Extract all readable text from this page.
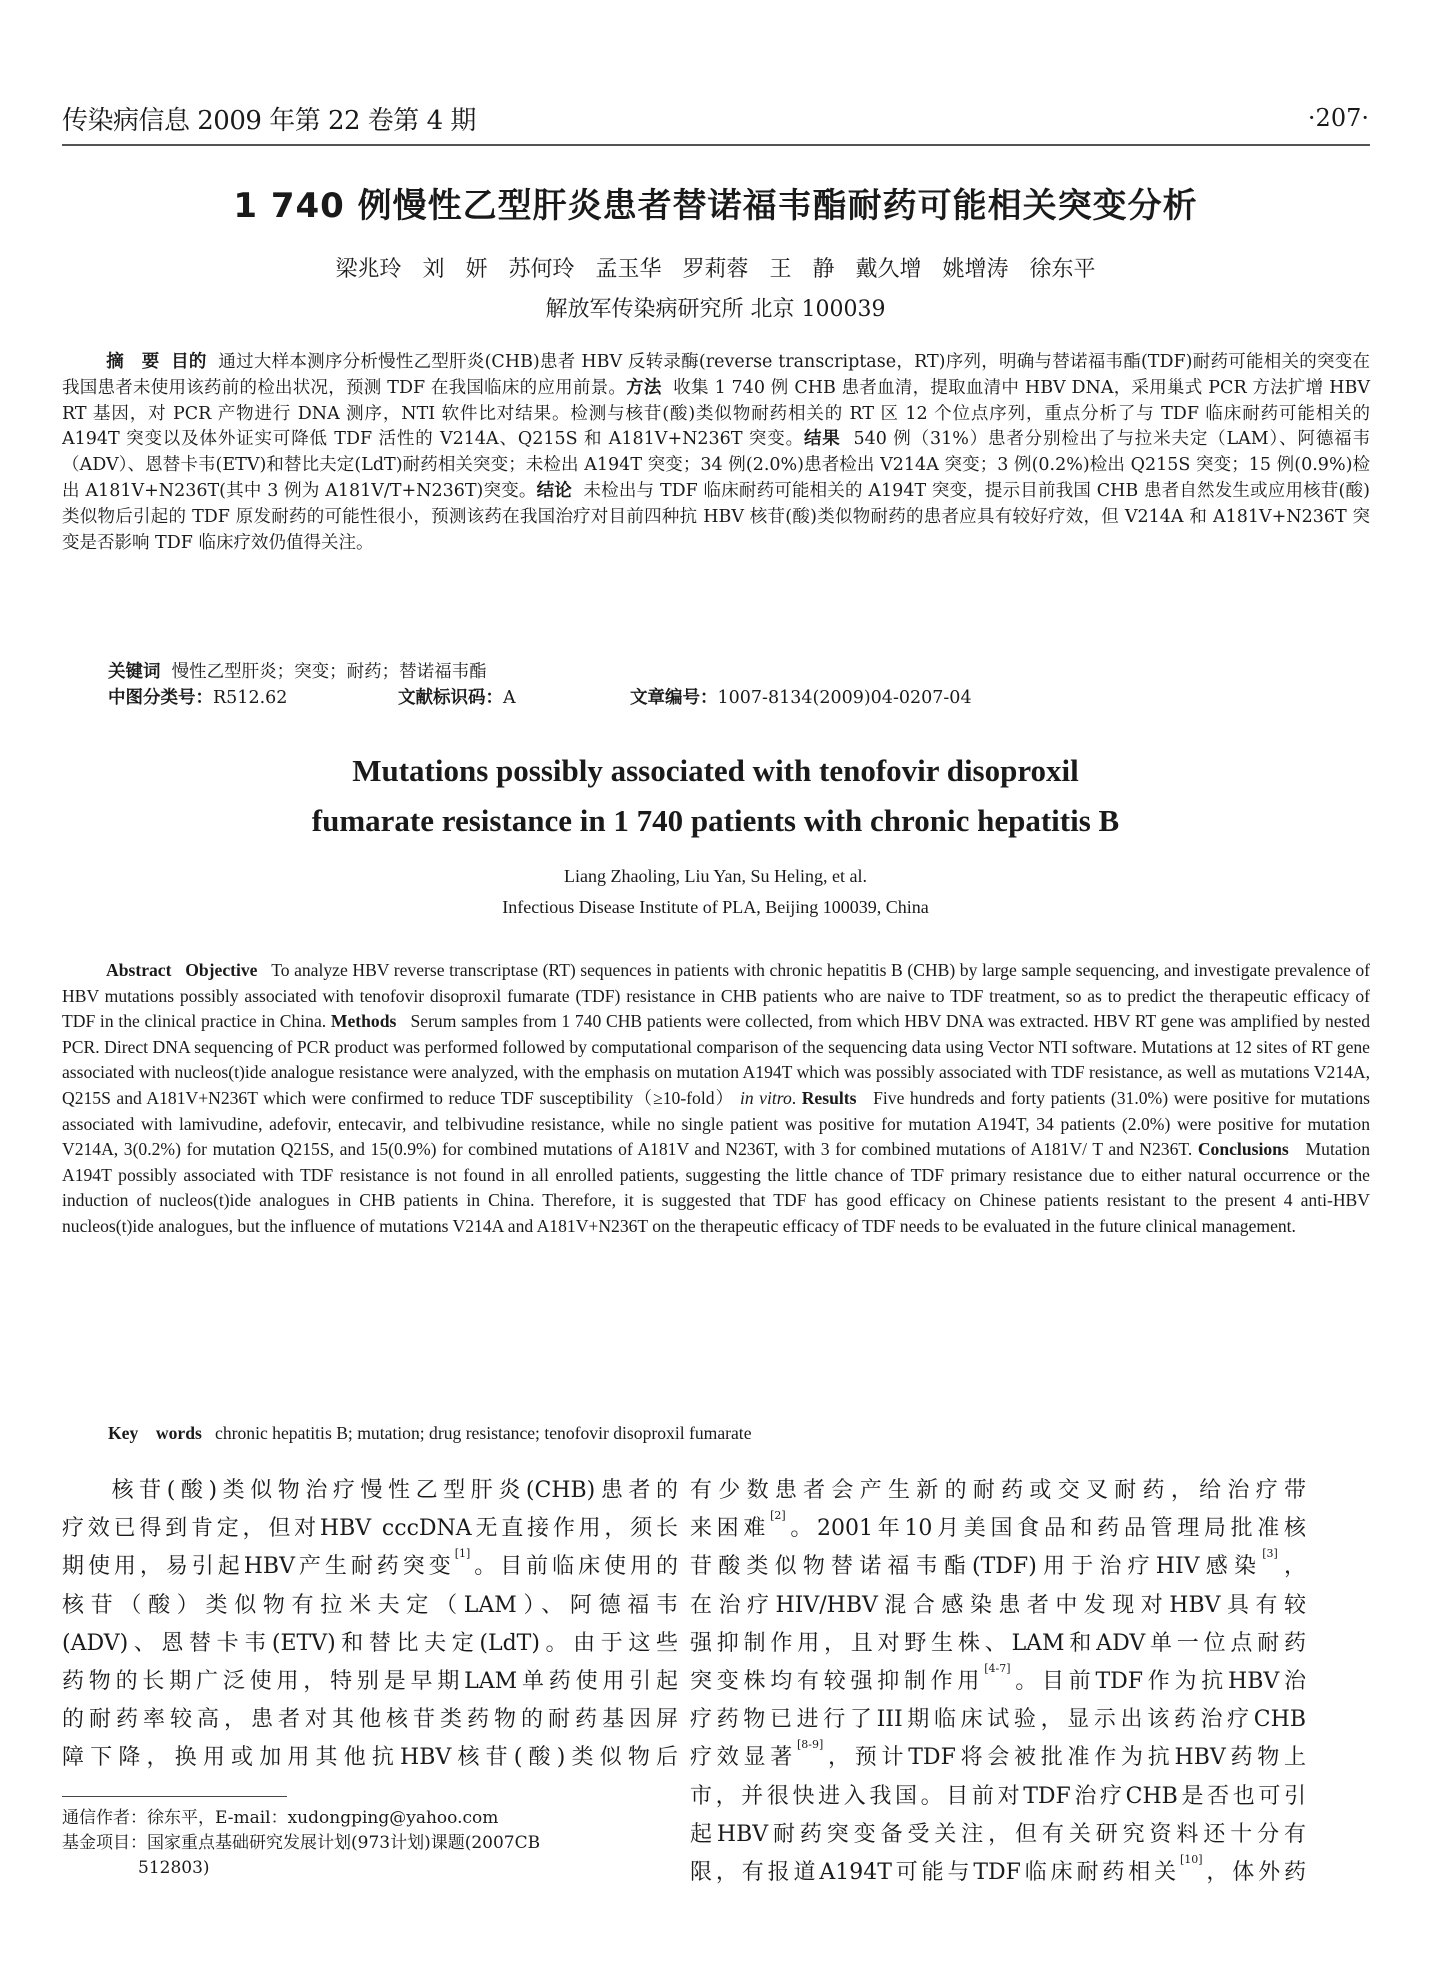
传染病信息 2009 年第 22 卷第 4 期	·207·
1 740 例慢性乙型肝炎患者替诺福韦酯耐药可能相关突变分析
梁兆玲 刘 妍 苏何玲 孟玉华 罗莉蓉 王 静 戴久增 姚增涛 徐东平
解放军传染病研究所 北京 100039
摘　要 目的 通过大样本测序分析慢性乙型肝炎(CHB)患者 HBV 反转录酶(reverse transcriptase，RT)序列，明确与替诺福韦酯(TDF)耐药可能相关的突变在我国患者未使用该药前的检出状况，预测 TDF 在我国临床的应用前景。方法 收集 1 740 例 CHB 患者血清，提取血清中 HBV DNA，采用巢式 PCR 方法扩增 HBV RT 基因，对 PCR 产物进行 DNA 测序，NTI 软件比对结果。检测与核苷(酸)类似物耐药相关的 RT 区 12 个位点序列，重点分析了与 TDF 临床耐药可能相关的 A194T 突变以及体外证实可降低 TDF 活性的 V214A、Q215S 和 A181V+N236T 突变。结果 540 例（31%）患者分别检出了与拉米夫定（LAM）、阿德福韦（ADV）、恩替卡韦(ETV)和替比夫定(LdT)耐药相关突变；未检出 A194T 突变；34 例(2.0%)患者检出 V214A 突变；3 例(0.2%)检出 Q215S 突变；15 例(0.9%)检出 A181V+N236T(其中 3 例为 A181V/T+N236T)突变。结论 未检出与 TDF 临床耐药可能相关的 A194T 突变，提示目前我国 CHB 患者自然发生或应用核苷(酸)类似物后引起的 TDF 原发耐药的可能性很小，预测该药在我国治疗对目前四种抗 HBV 核苷(酸)类似物耐药的患者应具有较好疗效，但 V214A 和 A181V+N236T 突变是否影响 TDF 临床疗效仍值得关注。
关键词 慢性乙型肝炎；突变；耐药；替诺福韦酯
中图分类号：R512.62	文献标识码：A	文章编号：1007-8134(2009)04-0207-04
Mutations possibly associated with tenofovir disoproxil
fumarate resistance in 1 740 patients with chronic hepatitis B
Liang Zhaoling, Liu Yan, Su Heling, et al.
Infectious Disease Institute of PLA, Beijing 100039, China
Abstract Objective To analyze HBV reverse transcriptase (RT) sequences in patients with chronic hepatitis B (CHB) by large sample sequencing, and investigate prevalence of HBV mutations possibly associated with tenofovir disoproxil fumarate (TDF) resistance in CHB patients who are naive to TDF treatment, so as to predict the therapeutic efficacy of TDF in the clinical practice in China. Methods Serum samples from 1 740 CHB patients were collected, from which HBV DNA was extracted. HBV RT gene was amplified by nested PCR. Direct DNA sequencing of PCR product was performed followed by computational comparison of the sequencing data using Vector NTI software. Mutations at 12 sites of RT gene associated with nucleos(t)ide analogue resistance were analyzed, with the emphasis on mutation A194T which was possibly associated with TDF resistance, as well as mutations V214A, Q215S and A181V+N236T which were confirmed to reduce TDF susceptibility（≥10-fold） in vitro. Results Five hundreds and forty patients (31.0%) were positive for mutations associated with lamivudine, adefovir, entecavir, and telbivudine resistance, while no single patient was positive for mutation A194T, 34 patients (2.0%) were positive for mutation V214A, 3(0.2%) for mutation Q215S, and 15(0.9%) for combined mutations of A181V and N236T, with 3 for combined mutations of A181V/ T and N236T. Conclusions Mutation A194T possibly associated with TDF resistance is not found in all enrolled patients, suggesting the little chance of TDF primary resistance due to either natural occurrence or the induction of nucleos(t)ide analogues in CHB patients in China. Therefore, it is suggested that TDF has good efficacy on Chinese patients resistant to the present 4 anti-HBV nucleos(t)ide analogues, but the influence of mutations V214A and A181V+N236T on the therapeutic efficacy of TDF needs to be evaluated in the future clinical management.
Key　words chronic hepatitis B; mutation; drug resistance; tenofovir disoproxil fumarate

核苷(酸)类似物治疗慢性乙型肝炎(CHB)患者的

疗效已得到肯定，但对HBV cccDNA无直接作用，须长

期使用，易引起HBV产生耐药突变[1]。目前临床使用的

核苷（酸）类似物有拉米夫定（LAM）、阿德福韦

(ADV)、恩替卡韦(ETV)和替比夫定(LdT)。由于这些

药物的长期广泛使用，特别是早期LAM单药使用引起

的耐药率较高，患者对其他核苷类药物的耐药基因屏

障下降，换用或加用其他抗HBV核苷(酸)类似物后

通信作者：徐东平，E-mail：xudongping@yahoo.com
基金项目：国家重点基础研究发展计划(973计划)课题(2007CB
512803)

有少数患者会产生新的耐药或交叉耐药，给治疗带

来困难[2]。2001年10月美国食品和药品管理局批准核

苷酸类似物替诺福韦酯(TDF)用于治疗HIV感染[3]，

在治疗HIV/HBV混合感染患者中发现对HBV具有较

强抑制作用，且对野生株、LAM和ADV单一位点耐药

突变株均有较强抑制作用[4-7]。目前TDF作为抗HBV治

疗药物已进行了III期临床试验，显示出该药治疗CHB

疗效显著[8-9]，预计TDF将会被批准作为抗HBV药物上

市，并很快进入我国。目前对TDF治疗CHB是否也可引

起HBV耐药突变备受关注，但有关研究资料还十分有

限，有报道A194T可能与TDF临床耐药相关[10]，体外药
